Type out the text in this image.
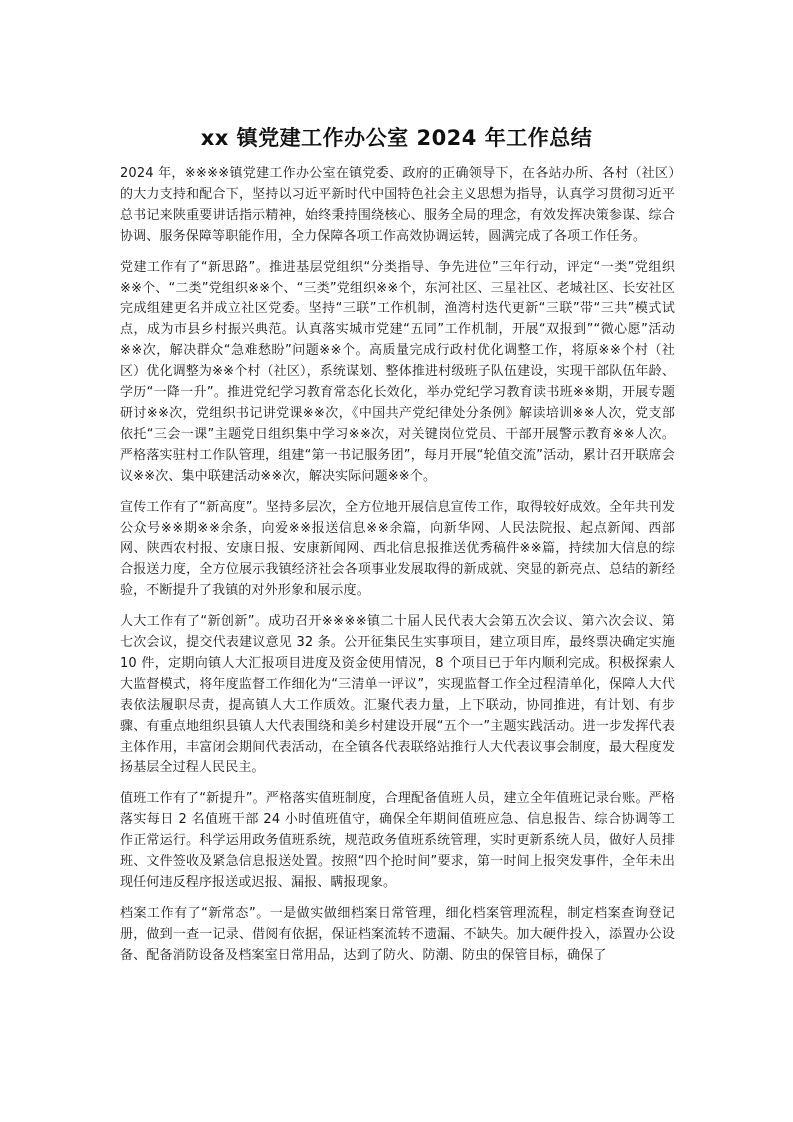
xx 镇党建工作办公室 2024 年工作总结

2024 年，※※※※镇党建工作办公室在镇党委、政府的正确领导下，在各站办所、各村（社区）的大力支持和配合下，坚持以习近平新时代中国特色社会主义思想为指导，认真学习贯彻习近平总书记来陕重要讲话指示精神，始终秉持围绕核心、服务全局的理念，有效发挥决策参谋、综合协调、服务保障等职能作用，全力保障各项工作高效协调运转，圆满完成了各项工作任务。

党建工作有了“新思路”。推进基层党组织“分类指导、争先进位”三年行动，评定“一类”党组织※※个、“二类”党组织※※个、“三类”党组织※※个，东河社区、三星社区、老城社区、长安社区完成组建更名并成立社区党委。坚持“三联”工作机制，渔湾村迭代更新“三联”带“三共”模式试点，成为市县乡村振兴典范。认真落实城市党建“五同”工作机制，开展“双报到”“微心愿”活动※※次，解决群众“急难愁盼”问题※※个。高质量完成行政村优化调整工作，将原※※个村（社区）优化调整为※※个村（社区），系统谋划、整体推进村级班子队伍建设，实现干部队伍年龄、学历“一降一升”。推进党纪学习教育常态化长效化，举办党纪学习教育读书班※※期，开展专题研讨※※次，党组织书记讲党课※※次，《中国共产党纪律处分条例》解读培训※※人次，党支部依托“三会一课”主题党日组织集中学习※※次，对关键岗位党员、干部开展警示教育※※人次。严格落实驻村工作队管理，组建“第一书记服务团”，每月开展“轮值交流”活动，累计召开联席会议※※次、集中联建活动※※次，解决实际问题※※个。

宣传工作有了“新高度”。坚持多层次，全方位地开展信息宣传工作，取得较好成效。全年共刊发公众号※※期※※余条，向爱※※报送信息※※余篇，向新华网、人民法院报、起点新闻、西部网、陕西农村报、安康日报、安康新闻网、西北信息报推送优秀稿件※※篇，持续加大信息的综合报送力度，全方位展示我镇经济社会各项事业发展取得的新成就、突显的新亮点、总结的新经验，不断提升了我镇的对外形象和展示度。

人大工作有了“新创新”。成功召开※※※※镇二十届人民代表大会第五次会议、第六次会议、第七次会议，提交代表建议意见 32 条。公开征集民生实事项目，建立项目库，最终票决确定实施 10 件，定期向镇人大汇报项目进度及资金使用情况，8 个项目已于年内顺利完成。积极探索人大监督模式，将年度监督工作细化为“三清单一评议”，实现监督工作全过程清单化，保障人大代表依法履职尽责，提高镇人大工作质效。汇聚代表力量，上下联动，协同推进，有计划、有步骤、有重点地组织县镇人大代表围绕和美乡村建设开展“五个一”主题实践活动。进一步发挥代表主体作用，丰富闭会期间代表活动，在全镇各代表联络站推行人大代表议事会制度，最大程度发扬基层全过程人民民主。

值班工作有了“新提升”。严格落实值班制度，合理配备值班人员，建立全年值班记录台账。严格落实每日 2 名值班干部 24 小时值班值守，确保全年期间值班应急、信息报告、综合协调等工作正常运行。科学运用政务值班系统，规范政务值班系统管理，实时更新系统人员，做好人员排班、文件签收及紧急信息报送处置。按照“四个抢时间”要求，第一时间上报突发事件，全年未出现任何违反程序报送或迟报、漏报、瞒报现象。

档案工作有了“新常态”。一是做实做细档案日常管理，细化档案管理流程，制定档案查询登记册，做到一查一记录、借阅有依据，保证档案流转不遗漏、不缺失。加大硬件投入，添置办公设备、配备消防设备及档案室日常用品，达到了防火、防潮、防虫的保管目标，确保了
